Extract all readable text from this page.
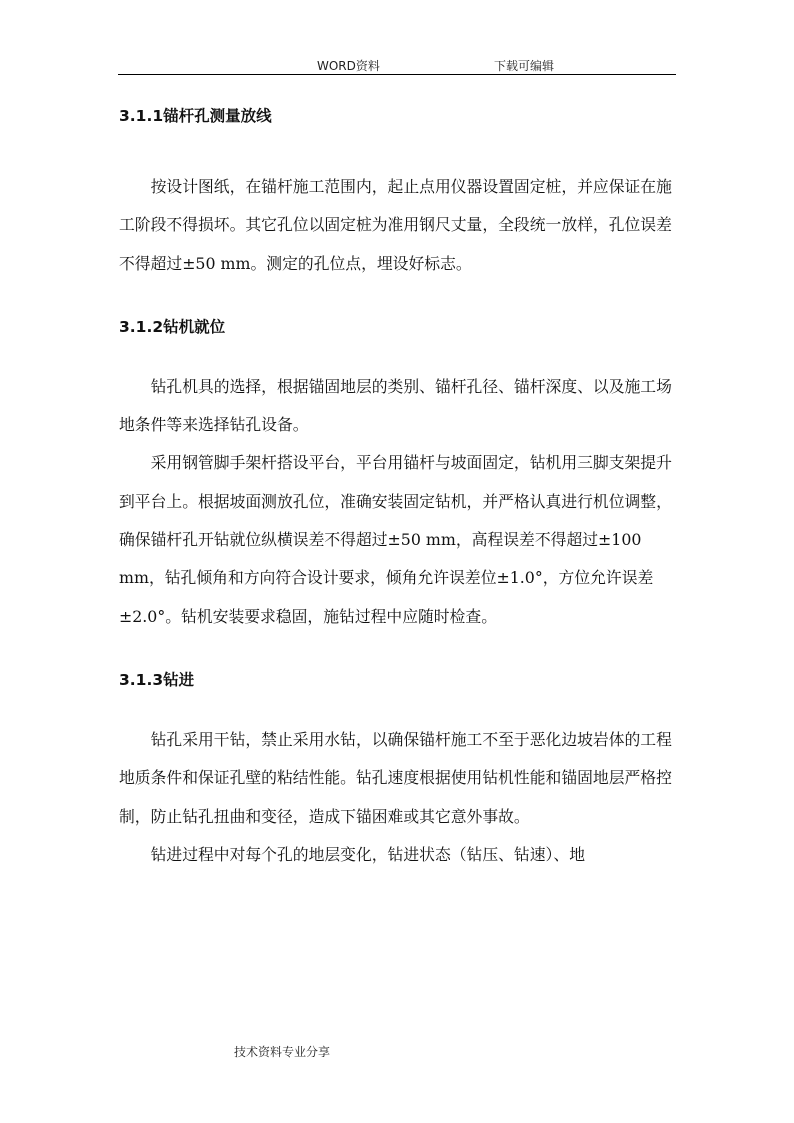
WORD资料	下载可编辑
3.1.1锚杆孔测量放线

按设计图纸，在锚杆施工范围内，起止点用仪器设置固定桩，并应保证在施工阶段不得损坏。其它孔位以固定桩为准用钢尺丈量，全段统一放样，孔位误差不得超过±50 mm。测定的孔位点，埋设好标志。

3.1.2钻机就位

钻孔机具的选择，根据锚固地层的类别、锚杆孔径、锚杆深度、以及施工场地条件等来选择钻孔设备。

采用钢管脚手架杆搭设平台，平台用锚杆与坡面固定，钻机用三脚支架提升到平台上。根据坡面测放孔位，准确安装固定钻机，并严格认真进行机位调整，确保锚杆孔开钻就位纵横误差不得超过±50 mm，高程误差不得超过±100 mm，钻孔倾角和方向符合设计要求，倾角允许误差位±1.0°，方位允许误差±2.0°。钻机安装要求稳固，施钻过程中应随时检查。

3.1.3钻进

钻孔采用干钻，禁止采用水钻，以确保锚杆施工不至于恶化边坡岩体的工程地质条件和保证孔壁的粘结性能。钻孔速度根据使用钻机性能和锚固地层严格控制，防止钻孔扭曲和变径，造成下锚困难或其它意外事故。

钻进过程中对每个孔的地层变化，钻进状态（钻压、钻速）、地

技术资料专业分享
